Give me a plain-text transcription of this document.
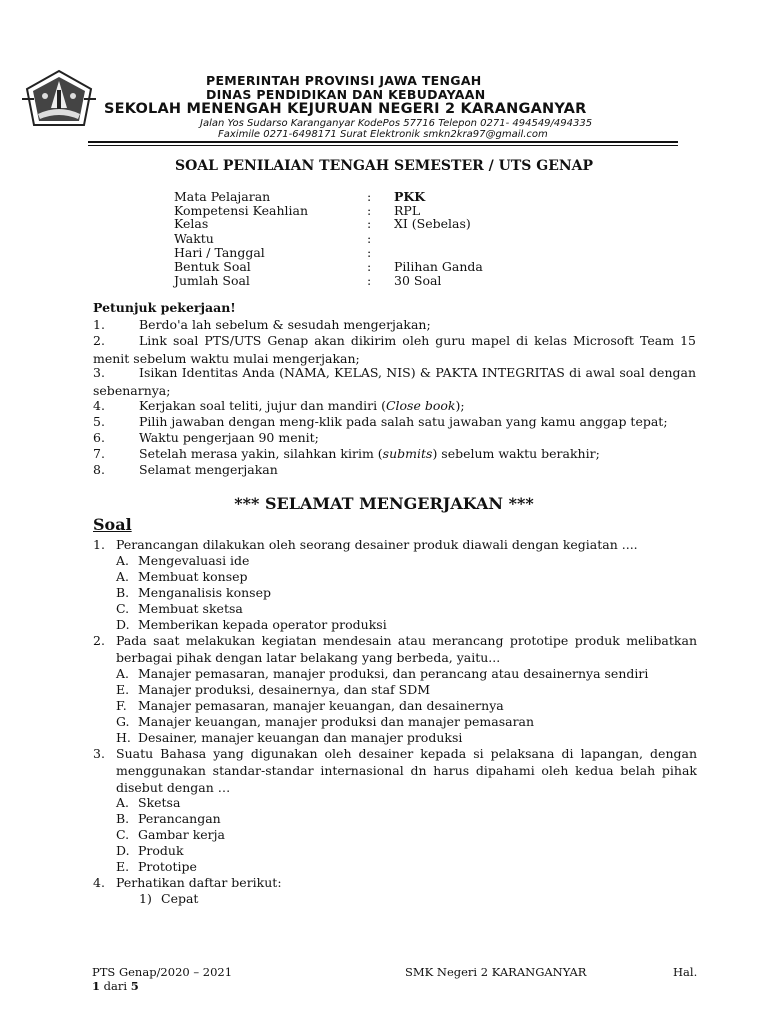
PEMERINTAH PROVINSI JAWA TENGAH
DINAS PENDIDIKAN DAN KEBUDAYAAN
SEKOLAH MENENGAH KEJURUAN NEGERI 2 KARANGANYAR
Jalan Yos Sudarso Karanganyar KodePos 57716 Telepon 0271- 494549/494335
Faximile 0271-6498171 Surat Elektronik smkn2kra97@gmail.com
SOAL PENILAIAN TENGAH SEMESTER / UTS GENAP
Mata Pelajaran	: PKK
Kompetensi Keahlian	: RPL
Kelas	: XI (Sebelas)
Waktu	:
Hari / Tanggal	:
Bentuk Soal	: Pilihan Ganda
Jumlah Soal	: 30 Soal
Petunjuk pekerjaan!
1.	Berdo'a lah sebelum & sesudah mengerjakan;
2.	Link soal PTS/UTS Genap akan dikirim oleh guru mapel di kelas Microsoft Team 15 menit sebelum waktu mulai mengerjakan;
3.	Isikan Identitas Anda (NAMA, KELAS, NIS) & PAKTA INTEGRITAS di awal soal dengan sebenarnya;
4.	Kerjakan soal teliti, jujur dan mandiri (Close book);
5.	Pilih jawaban dengan meng-klik pada salah satu jawaban yang kamu anggap tepat;
6.	Waktu pengerjaan 90 menit;
7.	Setelah merasa yakin, silahkan kirim (submits) sebelum waktu berakhir;
8.	Selamat mengerjakan
*** SELAMAT MENGERJAKAN ***
Soal
1. Perancangan dilakukan oleh seorang desainer produk diawali dengan kegiatan ....
A. Mengevaluasi ide
A. Membuat konsep
B. Menganalisis konsep
C. Membuat sketsa
D. Memberikan kepada operator produksi
2. Pada saat melakukan kegiatan mendesain atau merancang prototipe produk melibatkan berbagai pihak dengan latar belakang yang berbeda, yaitu...
A. Manajer pemasaran, manajer produksi, dan perancang atau desainernya sendiri
E. Manajer produksi, desainernya, dan staf SDM
F. Manajer pemasaran, manajer keuangan, dan desainernya
G. Manajer keuangan, manajer produksi dan manajer pemasaran
H. Desainer, manajer keuangan dan manajer produksi
3. Suatu Bahasa yang digunakan oleh desainer kepada si pelaksana di lapangan, dengan menggunakan standar-standar internasional dn harus dipahami oleh kedua belah pihak disebut dengan …
A. Sketsa
B. Perancangan
C. Gambar kerja
D. Produk
E. Prototipe
4. Perhatikan daftar berikut:
1) Cepat
PTS Genap/2020 – 2021	SMK Negeri 2 KARANGANYAR	Hal.
1 dari 5
